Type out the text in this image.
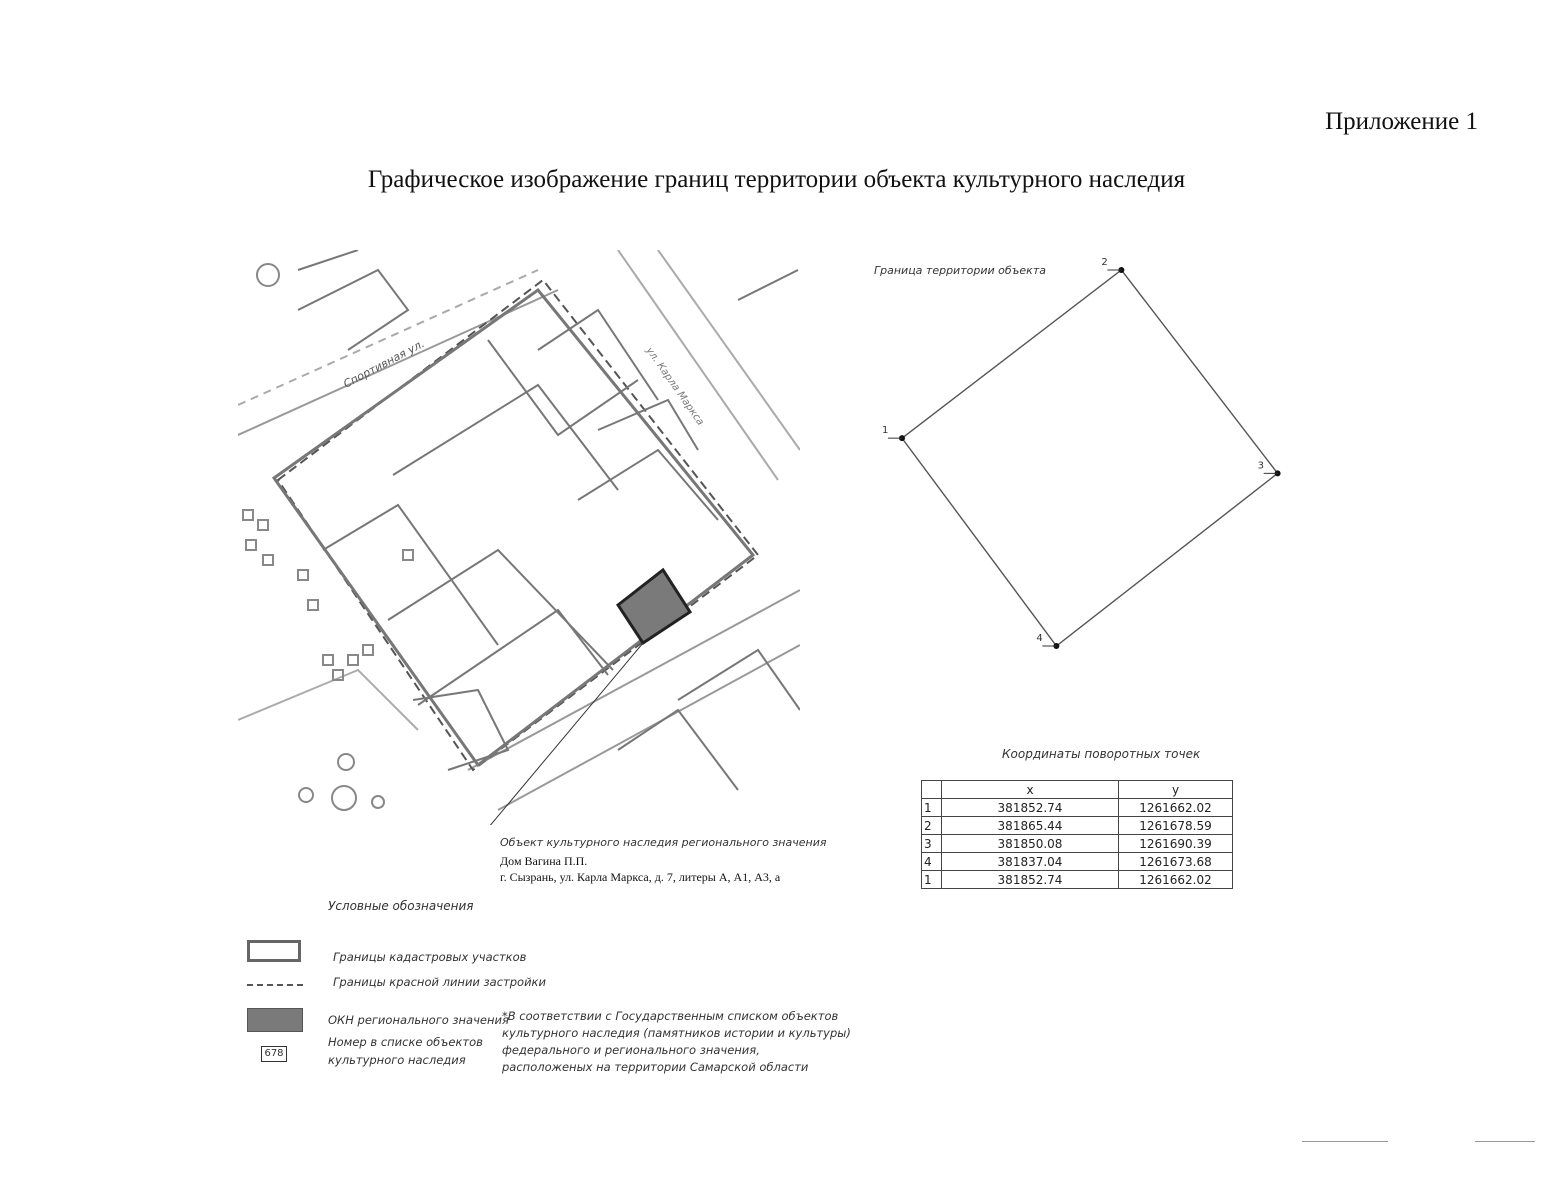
Приложение 1
Графическое изображение границ территории объекта культурного наследия
Спортивная ул.	ул. Карла Маркса
Граница территории объекта
1
2
3
4
Координаты поворотных точек
	x	y
1	381852.74	1261662.02
2	381865.44	1261678.59
3	381850.08	1261690.39
4	381837.04	1261673.68
1	381852.74	1261662.02
Объект культурного наследия регионального значения
Дом Вагина П.П.
г. Сызрань, ул. Карла Маркса, д. 7, литеры А, А1, А3, а
Условные обозначения
Границы кадастровых участков
Границы красной линии застройки
ОКН регионального значения
678
Номер в списке объектов
культурного наследия
*В соответствии с Государственным списком объектов
культурного наследия (памятников истории и культуры)
федерального и регионального значения,
расположеных на территории Самарской области
